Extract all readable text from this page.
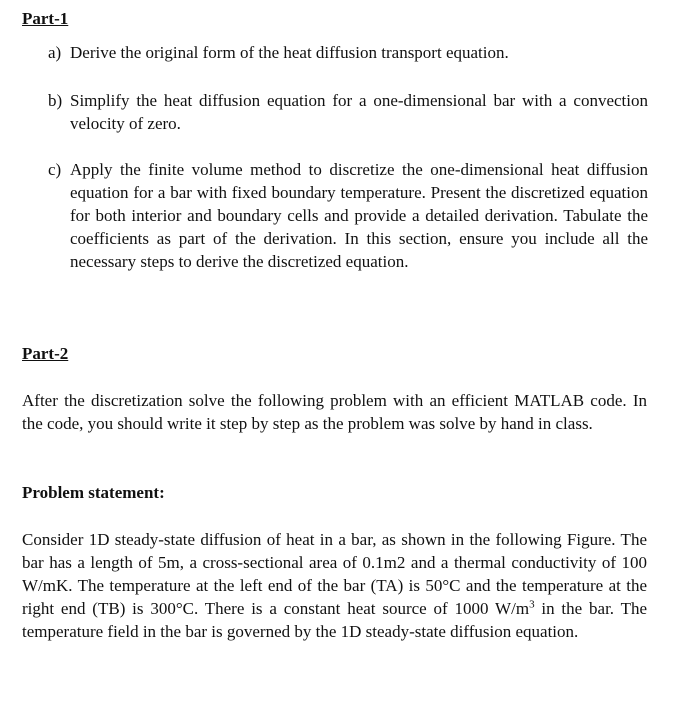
Part-1
a) Derive the original form of the heat diffusion transport equation.
b) Simplify the heat diffusion equation for a one-dimensional bar with a convection velocity of zero.
c) Apply the finite volume method to discretize the one-dimensional heat diffusion equation for a bar with fixed boundary temperature. Present the discretized equation for both interior and boundary cells and provide a detailed derivation. Tabulate the coefficients as part of the derivation. In this section, ensure you include all the necessary steps to derive the discretized equation.
Part-2
After the discretization solve the following problem with an efficient MATLAB code. In the code, you should write it step by step as the problem was solve by hand in class.
Problem statement:
Consider 1D steady-state diffusion of heat in a bar, as shown in the following Figure. The bar has a length of 5m, a cross-sectional area of 0.1m2 and a thermal conductivity of 100 W/mK. The temperature at the left end of the bar (TA) is 50°C and the temperature at the right end (TB) is 300°C. There is a constant heat source of 1000 $W/m^3$ in the bar. The temperature field in the bar is governed by the 1D steady-state diffusion equation.
